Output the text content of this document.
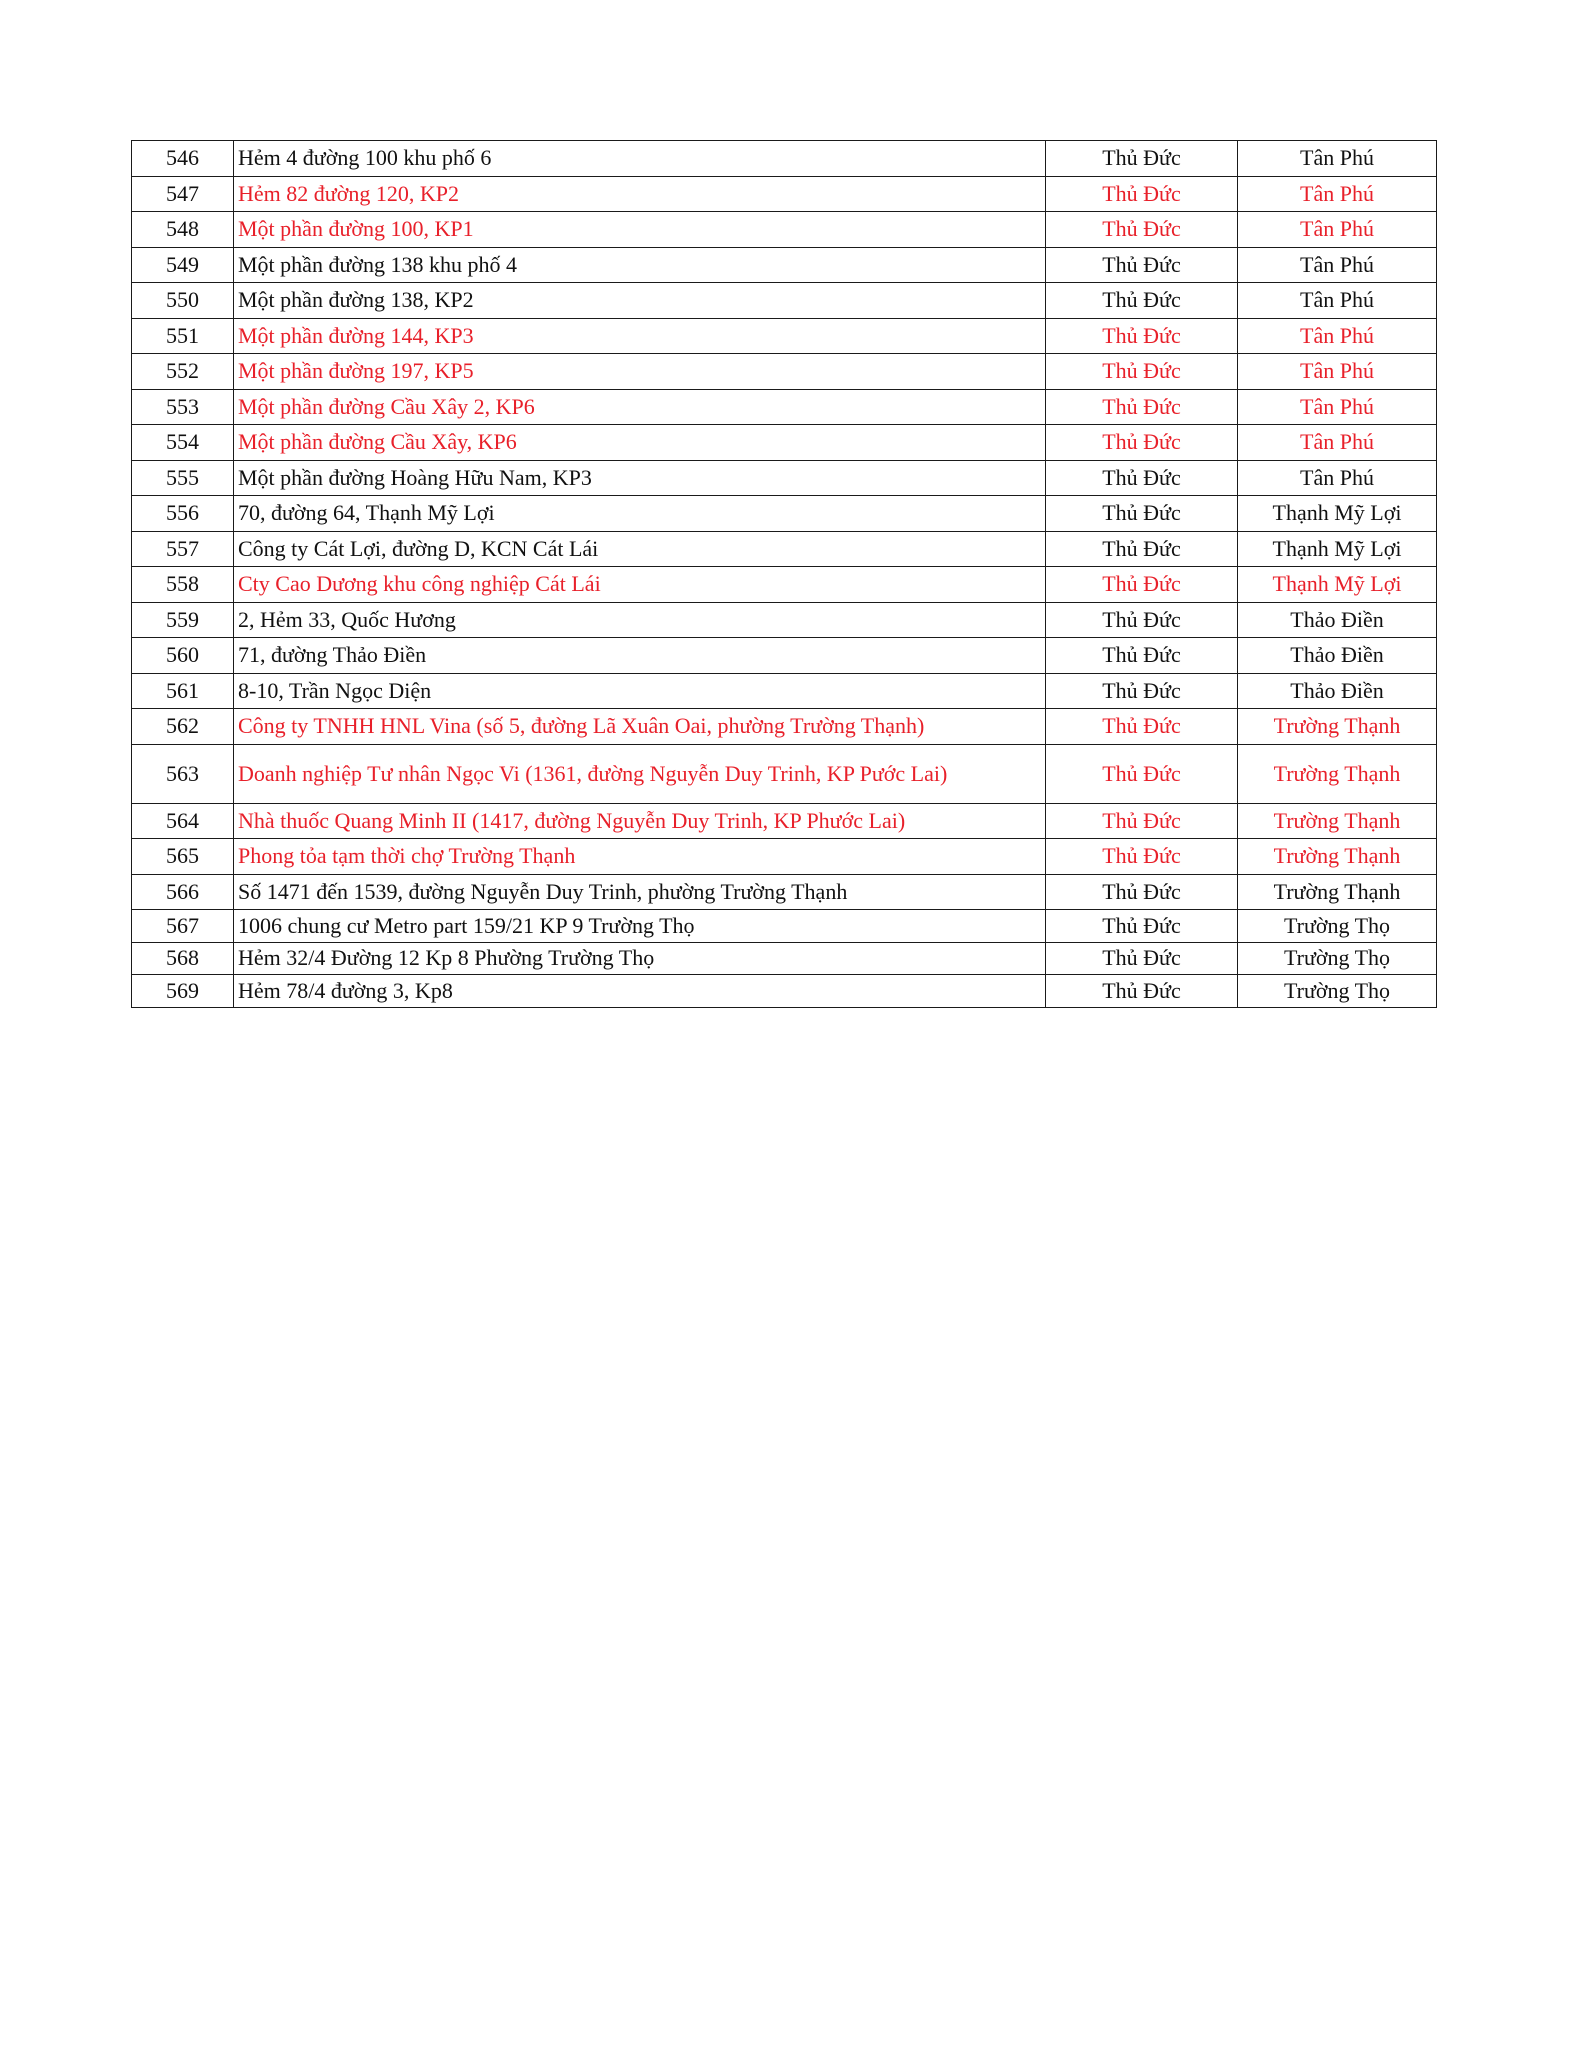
546	Hẻm 4 đường 100 khu phố 6	Thủ Đức	Tân Phú
547	Hẻm 82 đường 120, KP2	Thủ Đức	Tân Phú
548	Một phần đường 100, KP1	Thủ Đức	Tân Phú
549	Một phần đường 138 khu phố 4	Thủ Đức	Tân Phú
550	Một phần đường 138, KP2	Thủ Đức	Tân Phú
551	Một phần đường 144, KP3	Thủ Đức	Tân Phú
552	Một phần đường 197, KP5	Thủ Đức	Tân Phú
553	Một phần đường Cầu Xây 2, KP6	Thủ Đức	Tân Phú
554	Một phần đường Cầu Xây, KP6	Thủ Đức	Tân Phú
555	Một phần đường Hoàng Hữu Nam, KP3	Thủ Đức	Tân Phú
556	70, đường 64, Thạnh Mỹ Lợi	Thủ Đức	Thạnh Mỹ Lợi
557	Công ty Cát Lợi, đường D, KCN Cát Lái	Thủ Đức	Thạnh Mỹ Lợi
558	Cty Cao Dương khu công nghiệp Cát Lái	Thủ Đức	Thạnh Mỹ Lợi
559	2, Hẻm 33, Quốc Hương	Thủ Đức	Thảo Điền
560	71, đường Thảo Điền	Thủ Đức	Thảo Điền
561	8-10, Trần Ngọc Diện	Thủ Đức	Thảo Điền
562	Công ty TNHH HNL Vina (số 5, đường Lã Xuân Oai, phường Trường Thạnh)	Thủ Đức	Trường Thạnh
563	Doanh nghiệp Tư nhân Ngọc Vi (1361, đường Nguyễn Duy Trinh, KP Pước Lai)	Thủ Đức	Trường Thạnh
564	Nhà thuốc Quang Minh II (1417, đường Nguyễn Duy Trinh, KP Phước Lai)	Thủ Đức	Trường Thạnh
565	Phong tỏa tạm thời chợ Trường Thạnh	Thủ Đức	Trường Thạnh
566	Số 1471 đến 1539, đường Nguyễn Duy Trinh, phường Trường Thạnh	Thủ Đức	Trường Thạnh
567	1006 chung cư Metro part 159/21 KP 9 Trường Thọ	Thủ Đức	Trường Thọ
568	Hẻm 32/4 Đường 12 Kp 8 Phường Trường Thọ	Thủ Đức	Trường Thọ
569	Hẻm 78/4 đường 3, Kp8	Thủ Đức	Trường Thọ
